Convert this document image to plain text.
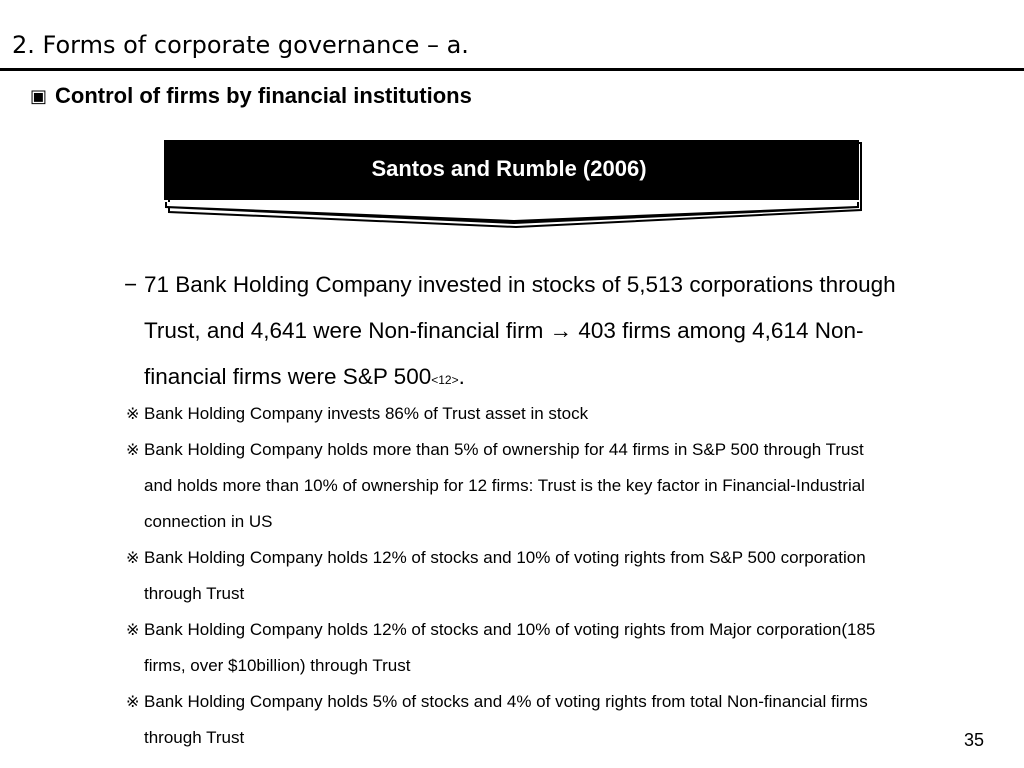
2. Forms of corporate governance – a.
▣ Control of firms by financial institutions
Santos and Rumble (2006)
− 71 Bank Holding Company invested in stocks of 5,513 corporations through
Trust, and 4,641 were Non-financial firm → 403 firms among 4,614 Non-
financial firms were S&P 500<12>.
※ Bank Holding Company invests 86% of Trust asset in stock
※ Bank Holding Company holds more than 5% of ownership for 44 firms in S&P 500 through Trust
and holds more than 10% of ownership for 12 firms: Trust is the key factor in Financial-Industrial
connection in US
※ Bank Holding Company holds 12% of stocks and 10% of voting rights from S&P 500 corporation
through Trust
※ Bank Holding Company holds 12% of stocks and 10% of voting rights from Major corporation(185
firms, over $10billion) through Trust
※ Bank Holding Company holds 5% of stocks and 4% of voting rights from total Non-financial firms
through Trust	35
